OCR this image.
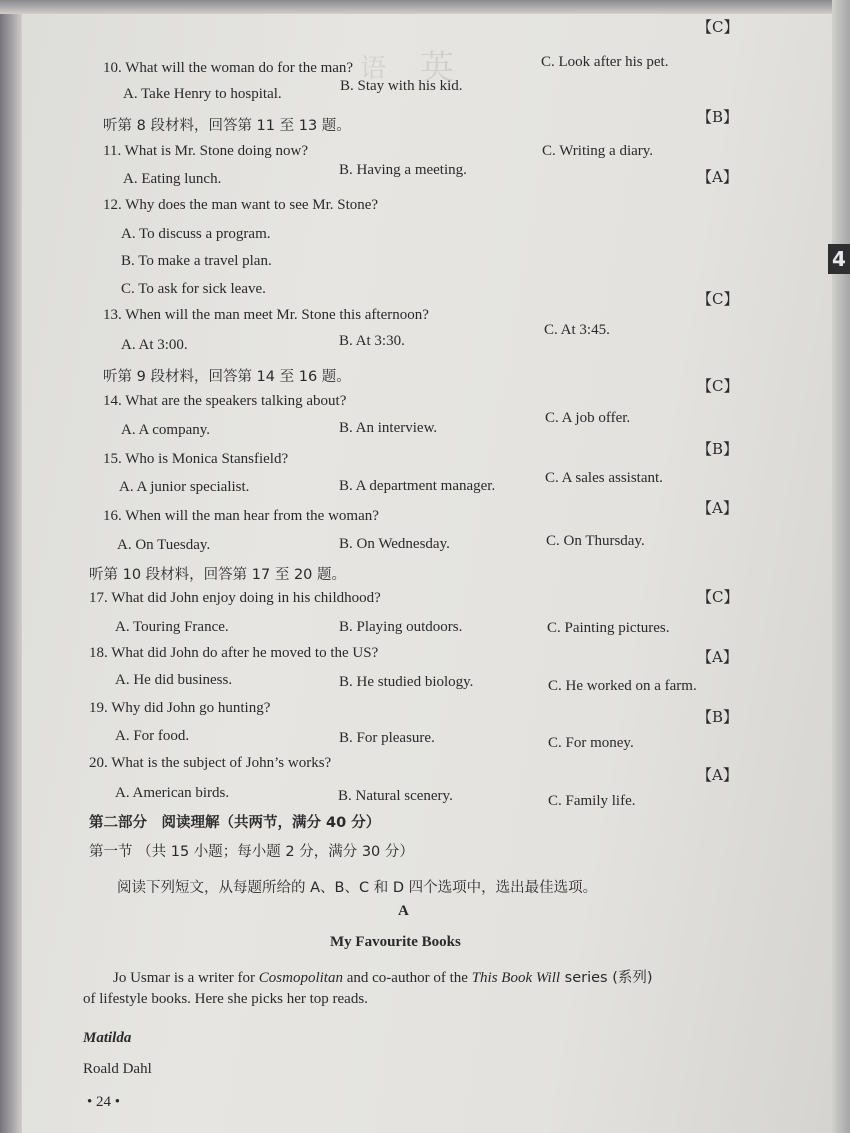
4
英
语
【C】
10. What will the woman do for the man?
A. Take Henry to hospital.	B. Stay with his kid.
C. Look after his pet.
【B】
听第 8 段材料，回答第 11 至 13 题。
11. What is Mr. Stone doing now?
A. Eating lunch.
B. Having a meeting.
C. Writing a diary.
【A】
12. Why does the man want to see Mr. Stone?
A. To discuss a program.
B. To make a travel plan.
C. To ask for sick leave.
【C】
13. When will the man meet Mr. Stone this afternoon?
A. At 3:00.	B. At 3:30.
C. At 3:45.
【C】
听第 9 段材料，回答第 14 至 16 题。
14. What are the speakers talking about?
A. A company.	B. An interview.
C. A job offer.
【B】
15. Who is Monica Stansfield?
A. A junior specialist.	B. A department manager.	C. A sales assistant.
【A】
16. When will the man hear from the woman?
A. On Tuesday.	B. On Wednesday.	C. On Thursday.
【C】
听第 10 段材料，回答第 17 至 20 题。
17. What did John enjoy doing in his childhood?
A. Touring France.	B. Playing outdoors.	C. Painting pictures.
【A】
18. What did John do after he moved to the US?
A. He did business.	B. He studied biology.	C. He worked on a farm.
【B】
19. Why did John go hunting?
A. For food.	B. For pleasure.	C. For money.
【A】
20. What is the subject of John’s works?
A. American birds.	B. Natural scenery.	C. Family life.
第二部分　阅读理解（共两节，满分 40 分）
第一节 （共 15 小题；每小题 2 分，满分 30 分）
阅读下列短文，从每题所给的 A、B、C 和 D 四个选项中，选出最佳选项。
A
My Favourite Books
Jo Usmar is a writer for Cosmopolitan and co-author of the This Book Will series (系列)
of lifestyle books. Here she picks her top reads.
Matilda
Roald Dahl
• 24 •
